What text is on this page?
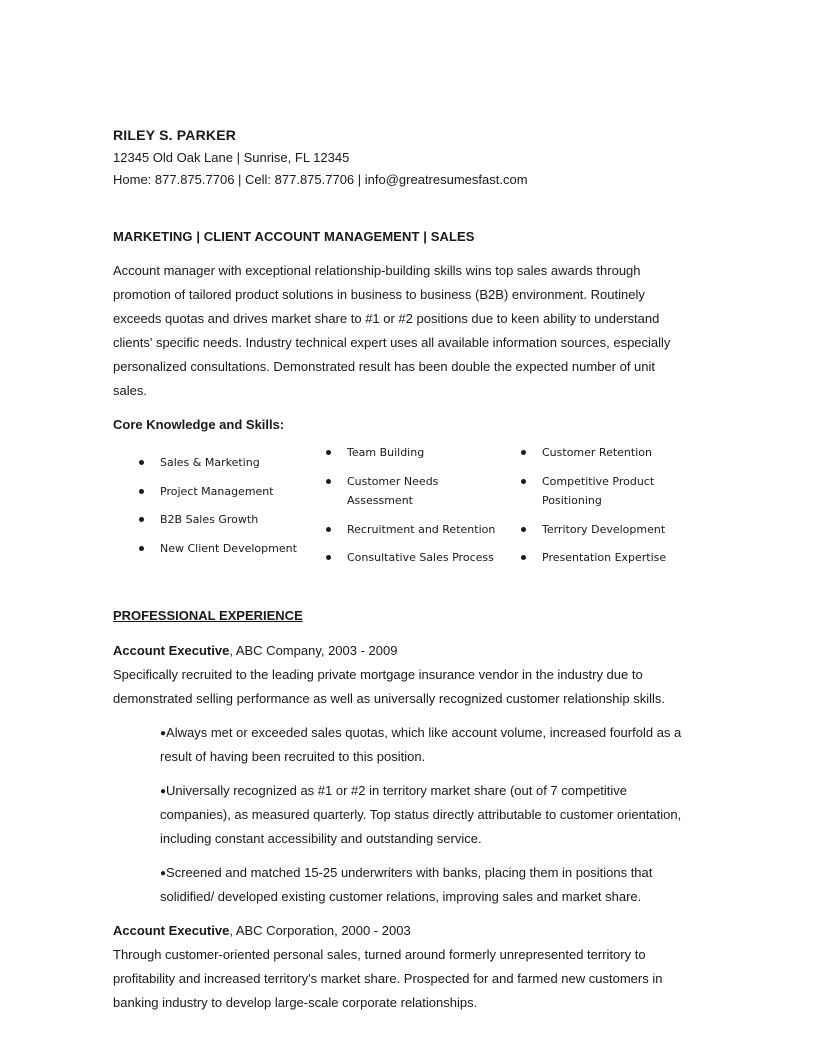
RILEY S. PARKER
12345 Old Oak Lane | Sunrise, FL 12345
Home: 877.875.7706 | Cell: 877.875.7706 | info@greatresumesfast.com
MARKETING | CLIENT ACCOUNT MANAGEMENT | SALES
Account manager with exceptional relationship-building skills wins top sales awards through
promotion of tailored product solutions in business to business (B2B) environment. Routinely
exceeds quotas and drives market share to #1 or #2 positions due to keen ability to understand
clients' specific needs. Industry technical expert uses all available information sources, especially
personalized consultations. Demonstrated result has been double the expected number of unit
sales.
Core Knowledge and Skills:
Sales & Marketing
Project Management
B2B Sales Growth
New Client Development
Team Building
Customer Needs
Assessment
Recruitment and Retention
Consultative Sales Process
Customer Retention
Competitive Product
Positioning
Territory Development
Presentation Expertise
PROFESSIONAL EXPERIENCE
Account Executive, ABC Company, 2003 - 2009
Specifically recruited to the leading private mortgage insurance vendor in the industry due to
demonstrated selling performance as well as universally recognized customer relationship skills.
●Always met or exceeded sales quotas, which like account volume, increased fourfold as a
result of having been recruited to this position.
●Universally recognized as #1 or #2 in territory market share (out of 7 competitive
companies), as measured quarterly. Top status directly attributable to customer orientation,
including constant accessibility and outstanding service.
●Screened and matched 15-25 underwriters with banks, placing them in positions that
solidified/ developed existing customer relations, improving sales and market share.
Account Executive, ABC Corporation, 2000 - 2003
Through customer-oriented personal sales, turned around formerly unrepresented territory to
profitability and increased territory's market share. Prospected for and farmed new customers in
banking industry to develop large-scale corporate relationships.
